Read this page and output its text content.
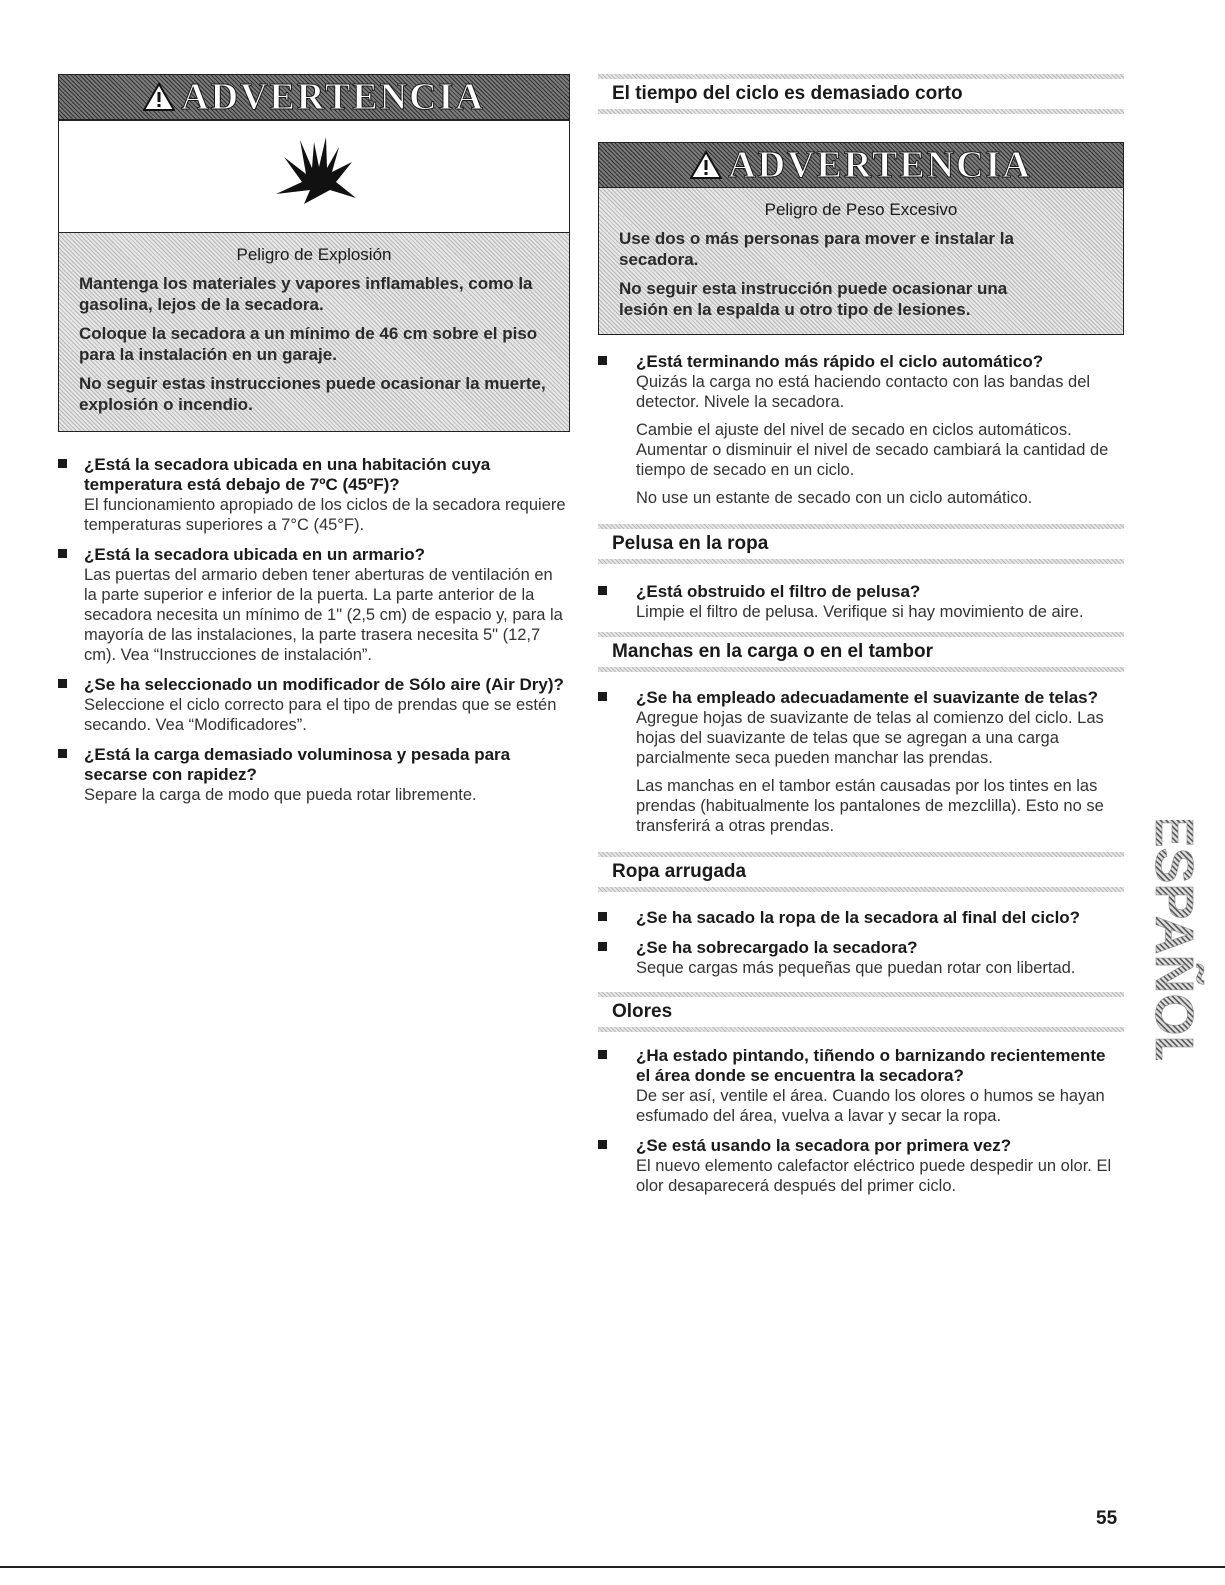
ADVERTENCIA
Peligro de Explosión
Mantenga los materiales y vapores inflamables, como la gasolina, lejos de la secadora.
Coloque la secadora a un mínimo de 46 cm sobre el piso para la instalación en un garaje.
No seguir estas instrucciones puede ocasionar la muerte, explosión o incendio.
¿Está la secadora ubicada en una habitación cuya temperatura está debajo de 7ºC (45ºF)?
El funcionamiento apropiado de los ciclos de la secadora requiere temperaturas superiores a 7°C (45°F).
¿Está la secadora ubicada en un armario?
Las puertas del armario deben tener aberturas de ventilación en la parte superior e inferior de la puerta. La parte anterior de la secadora necesita un mínimo de 1" (2,5 cm) de espacio y, para la mayoría de las instalaciones, la parte trasera necesita 5" (12,7 cm). Vea “Instrucciones de instalación”.
¿Se ha seleccionado un modificador de Sólo aire (Air Dry)?
Seleccione el ciclo correcto para el tipo de prendas que se estén secando. Vea “Modificadores”.
¿Está la carga demasiado voluminosa y pesada para secarse con rapidez?
Separe la carga de modo que pueda rotar libremente.
El tiempo del ciclo es demasiado corto
ADVERTENCIA
Peligro de Peso Excesivo
Use dos o más personas para mover e instalar la secadora.
No seguir esta instrucción puede ocasionar una lesión en la espalda u otro tipo de lesiones.
¿Está terminando más rápido el ciclo automático?
Quizás la carga no está haciendo contacto con las bandas del detector. Nivele la secadora.
Cambie el ajuste del nivel de secado en ciclos automáticos. Aumentar o disminuir el nivel de secado cambiará la cantidad de tiempo de secado en un ciclo.
No use un estante de secado con un ciclo automático.
Pelusa en la ropa
¿Está obstruido el filtro de pelusa?
Limpie el filtro de pelusa. Verifique si hay movimiento de aire.
Manchas en la carga o en el tambor
¿Se ha empleado adecuadamente el suavizante de telas?
Agregue hojas de suavizante de telas al comienzo del ciclo. Las hojas del suavizante de telas que se agregan a una carga parcialmente seca pueden manchar las prendas.
Las manchas en el tambor están causadas por los tintes en las prendas (habitualmente los pantalones de mezclilla). Esto no se transferirá a otras prendas.
Ropa arrugada
¿Se ha sacado la ropa de la secadora al final del ciclo?
¿Se ha sobrecargado la secadora?
Seque cargas más pequeñas que puedan rotar con libertad.
Olores
¿Ha estado pintando, tiñendo o barnizando recientemente el área donde se encuentra la secadora?
De ser así, ventile el área. Cuando los olores o humos se hayan esfumado del área, vuelva a lavar y secar la ropa.
¿Se está usando la secadora por primera vez?
El nuevo elemento calefactor eléctrico puede despedir un olor. El olor desaparecerá después del primer ciclo.
ESPAÑOL
55
